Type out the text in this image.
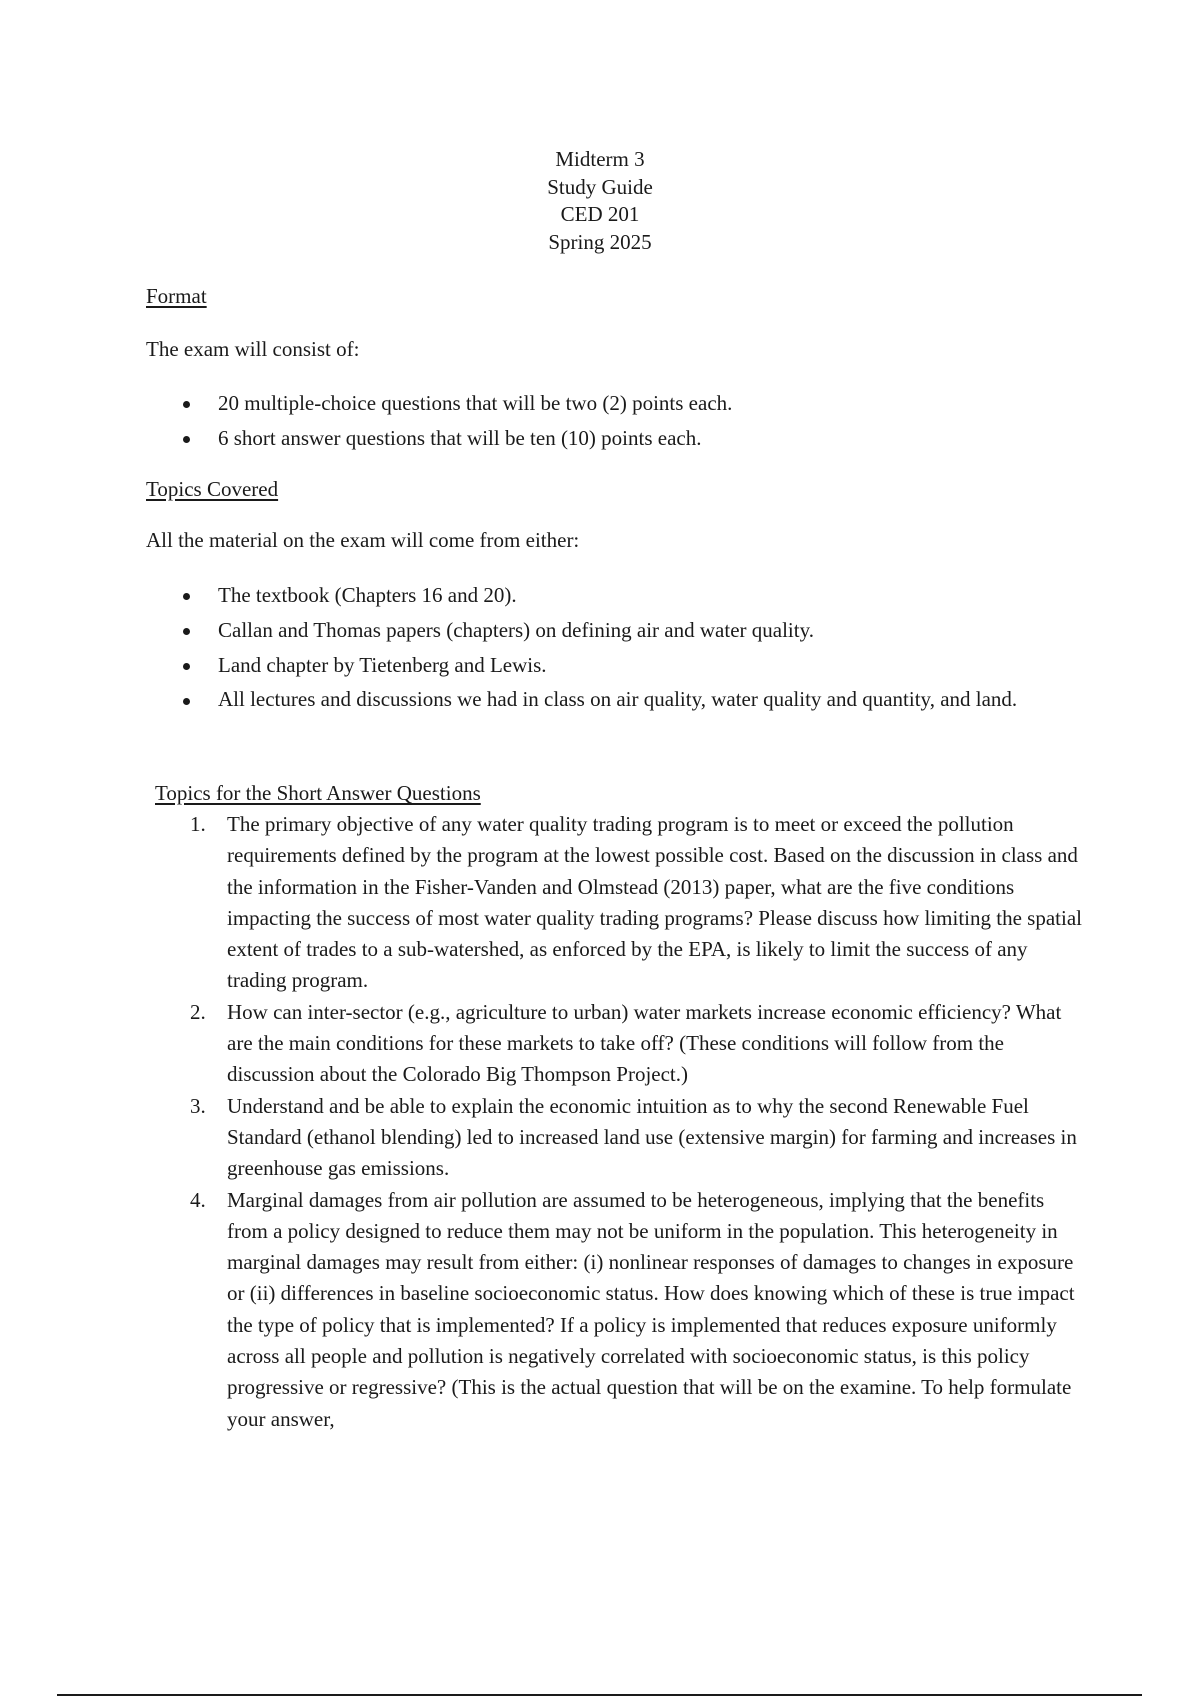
Midterm 3
Study Guide
CED 201
Spring 2025
Format
The exam will consist of:
20 multiple-choice questions that will be two (2) points each.
6 short answer questions that will be ten (10) points each.
Topics Covered
All the material on the exam will come from either:
The textbook (Chapters 16 and 20).
Callan and Thomas papers (chapters) on defining air and water quality.
Land chapter by Tietenberg and Lewis.
All lectures and discussions we had in class on air quality, water quality and quantity, and land.
Topics for the Short Answer Questions
1. The primary objective of any water quality trading program is to meet or exceed the pollution requirements defined by the program at the lowest possible cost. Based on the discussion in class and the information in the Fisher-Vanden and Olmstead (2013) paper, what are the five conditions impacting the success of most water quality trading programs? Please discuss how limiting the spatial extent of trades to a sub-watershed, as enforced by the EPA, is likely to limit the success of any trading program.
2. How can inter-sector (e.g., agriculture to urban) water markets increase economic efficiency? What are the main conditions for these markets to take off? (These conditions will follow from the discussion about the Colorado Big Thompson Project.)
3. Understand and be able to explain the economic intuition as to why the second Renewable Fuel Standard (ethanol blending) led to increased land use (extensive margin) for farming and increases in greenhouse gas emissions.
4. Marginal damages from air pollution are assumed to be heterogeneous, implying that the benefits from a policy designed to reduce them may not be uniform in the population. This heterogeneity in marginal damages may result from either: (i) nonlinear responses of damages to changes in exposure or (ii) differences in baseline socioeconomic status. How does knowing which of these is true impact the type of policy that is implemented? If a policy is implemented that reduces exposure uniformly across all people and pollution is negatively correlated with socioeconomic status, is this policy progressive or regressive? (This is the actual question that will be on the examine. To help formulate your answer,
